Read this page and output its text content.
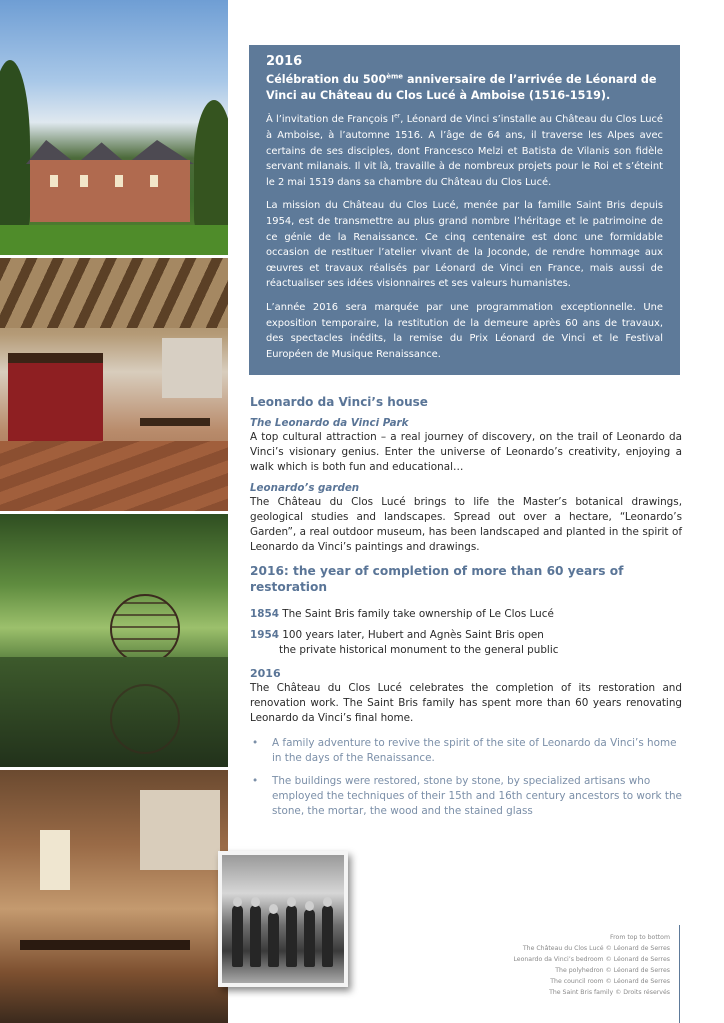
2016
Célébration du 500ème anniversaire de l’arrivée de Léonard de Vinci au Château du Clos Lucé à Amboise (1516-1519).

À l’invitation de François Ier, Léonard de Vinci s’installe au Château du Clos Lucé à Amboise, à l’automne 1516. A l’âge de 64 ans, il traverse les Alpes avec certains de ses disciples, dont Francesco Melzi et Batista de Vilanis son fidèle servant milanais. Il vit là, travaille à de nombreux projets pour le Roi et s’éteint le 2 mai 1519 dans sa chambre du Château du Clos Lucé.

La mission du Château du Clos Lucé, menée par la famille Saint Bris depuis 1954, est de transmettre au plus grand nombre l’héritage et le patrimoine de ce génie de la Renaissance. Ce cinq centenaire est donc une formidable occasion de restituer l’atelier vivant de la Joconde, de rendre hommage aux œuvres et travaux réalisés par Léonard de Vinci en France, mais aussi de réactualiser ses idées visionnaires et ses valeurs humanistes.

L’année 2016 sera marquée par une programmation exceptionnelle. Une exposition temporaire, la restitution de la demeure après 60 ans de travaux, des spectacles inédits, la remise du Prix Léonard de Vinci et le Festival Européen de Musique Renaissance.

Leonardo da Vinci’s house
The Leonardo da Vinci Park

A top cultural attraction – a real journey of discovery, on the trail of Leonardo da Vinci’s visionary genius. Enter the universe of Leonardo’s creativity, enjoying a walk which is both fun and educational…

Leonardo’s garden

The Château du Clos Lucé brings to life the Master’s botanical drawings, geological studies and landscapes. Spread out over a hectare, “Leonardo’s Garden”, a real outdoor museum, has been landscaped and planted in the spirit of Leonardo da Vinci’s paintings and drawings.

2016: the year of completion of more than 60 years of restoration
1854 The Saint Bris family take ownership of Le Clos Lucé
1954 100 years later, Hubert and Agnès Saint Bris open
the private historical monument to the general public
2016

The Château du Clos Lucé celebrates the completion of its restoration and renovation work. The Saint Bris family has spent more than 60 years renovating Leonardo da Vinci’s final home.

• A family adventure to revive the spirit of the site of Leonardo da Vinci’s home in the days of the Renaissance.
• The buildings were restored, stone by stone, by specialized artisans who employed the techniques of their 15th and 16th century ancestors to work the stone, the mortar, the wood and the stained glass
From top to bottom
The Château du Clos Lucé © Léonard de Serres
Leonardo da Vinci’s bedroom © Léonard de Serres
The polyhedron © Léonard de Serres
The council room © Léonard de Serres
The Saint Bris family © Droits réservés
